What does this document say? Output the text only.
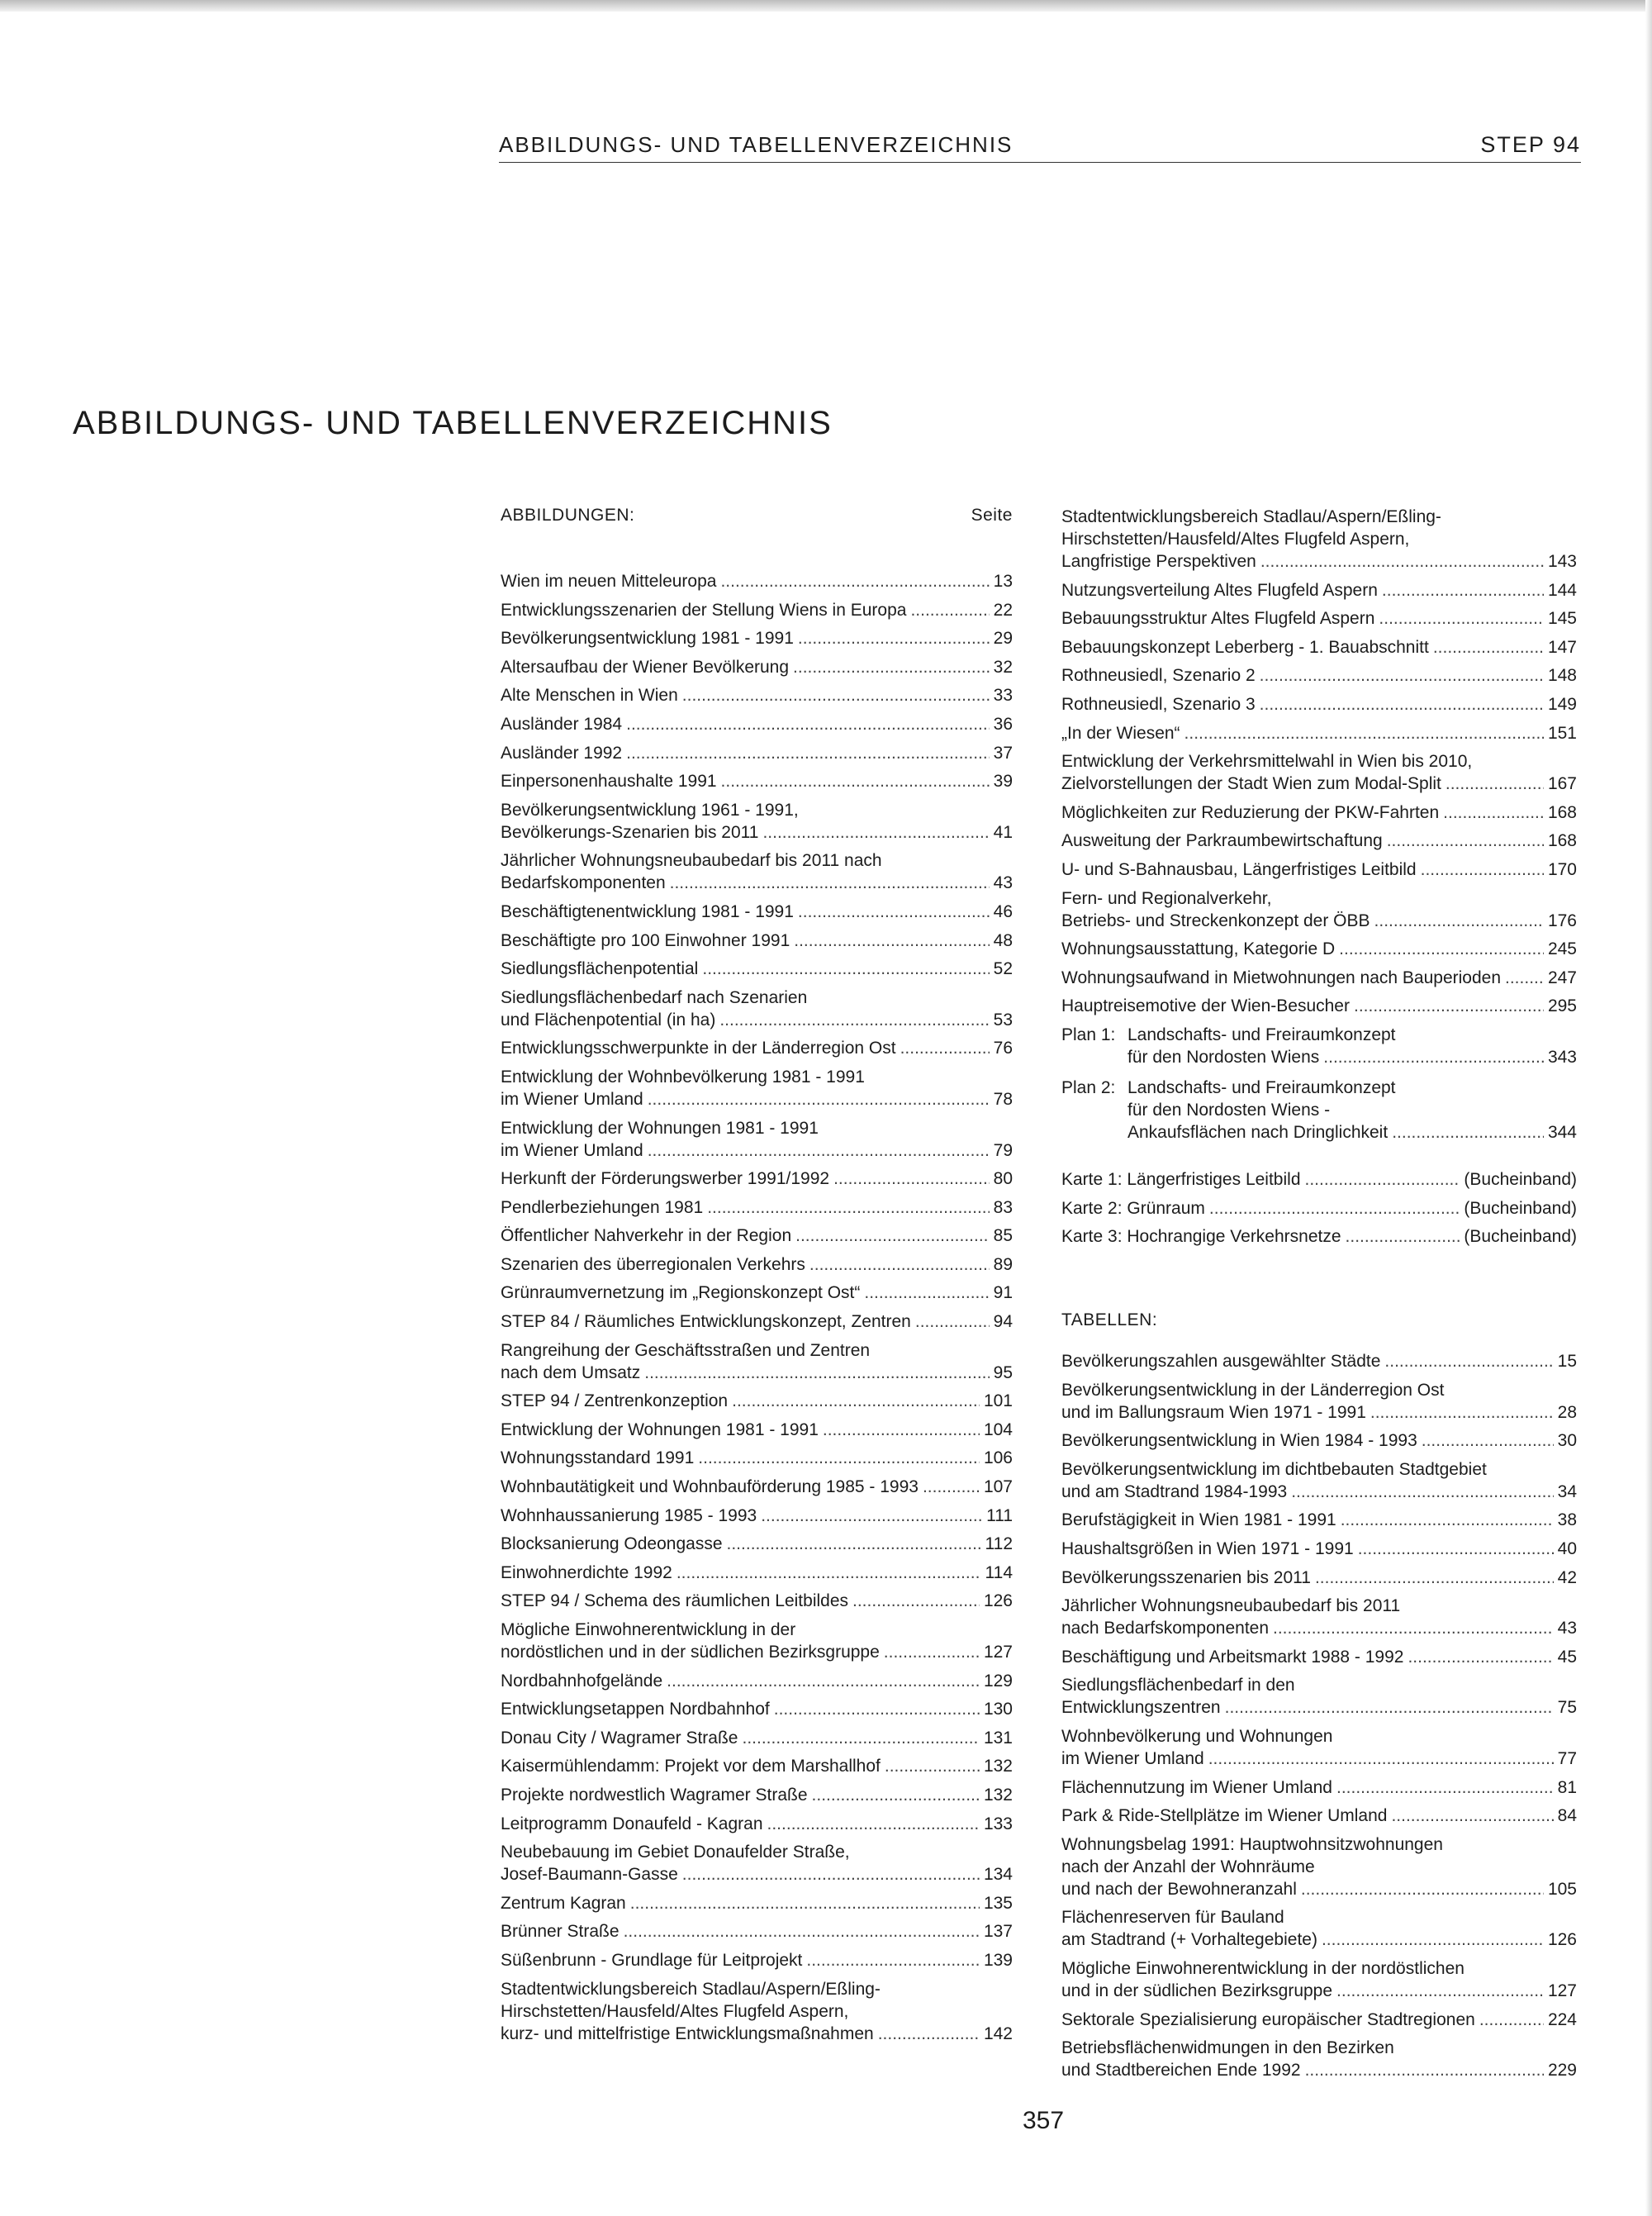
ABBILDUNGS- UND TABELLENVERZEICHNIS	STEP 94
ABBILDUNGS- UND TABELLENVERZEICHNIS
ABBILDUNGEN:	Seite
Wien im neuen Mitteleuropa .....	13
Entwicklungsszenarien der Stellung Wiens in Europa .....	22
Bevölkerungsentwicklung 1981 - 1991 .....	29
Altersaufbau der Wiener Bevölkerung .....	32
Alte Menschen in Wien .....	33
Ausländer 1984 .....	36
Ausländer 1992 .....	37
Einpersonenhaushalte 1991 .....	39
Bevölkerungsentwicklung 1961 - 1991,
Bevölkerungs-Szenarien bis 2011 .....	41
Jährlicher Wohnungsneubaubedarf bis 2011 nach
Bedarfskomponenten .....	43
Beschäftigtenentwicklung 1981 - 1991 .....	46
Beschäftigte pro 100 Einwohner 1991 .....	48
Siedlungsflächenpotential .....	52
Siedlungsflächenbedarf nach Szenarien
und Flächenpotential (in ha) .....	53
Entwicklungsschwerpunkte in der Länderregion Ost .....	76
Entwicklung der Wohnbevölkerung 1981 - 1991
im Wiener Umland .....	78
Entwicklung der Wohnungen 1981 - 1991
im Wiener Umland .....	79
Herkunft der Förderungswerber 1991/1992 .....	80
Pendlerbeziehungen 1981 .....	83
Öffentlicher Nahverkehr in der Region .....	85
Szenarien des überregionalen Verkehrs .....	89
Grünraumvernetzung im „Regionskonzept Ost“ .....	91
STEP 84 / Räumliches Entwicklungskonzept, Zentren .....	94
Rangreihung der Geschäftsstraßen und Zentren
nach dem Umsatz .....	95
STEP 94 / Zentrenkonzeption .....	101
Entwicklung der Wohnungen 1981 - 1991 .....	104
Wohnungsstandard 1991 .....	106
Wohnbautätigkeit und Wohnbauförderung 1985 - 1993 .....	107
Wohnhaussanierung 1985 - 1993 .....	111
Blocksanierung Odeongasse .....	112
Einwohnerdichte 1992 .....	114
STEP 94 / Schema des räumlichen Leitbildes .....	126
Mögliche Einwohnerentwicklung in der
nordöstlichen und in der südlichen Bezirksgruppe .....	127
Nordbahnhofgelände .....	129
Entwicklungsetappen Nordbahnhof .....	130
Donau City / Wagramer Straße .....	131
Kaisermühlendamm: Projekt vor dem Marshallhof .....	132
Projekte nordwestlich Wagramer Straße .....	132
Leitprogramm Donaufeld - Kagran .....	133
Neubebauung im Gebiet Donaufelder Straße,
Josef-Baumann-Gasse .....	134
Zentrum Kagran .....	135
Brünner Straße .....	137
Süßenbrunn - Grundlage für Leitprojekt .....	139
Stadtentwicklungsbereich Stadlau/Aspern/Eßling-
Hirschstetten/Hausfeld/Altes Flugfeld Aspern,
kurz- und mittelfristige Entwicklungsmaßnahmen .....	142
Stadtentwicklungsbereich Stadlau/Aspern/Eßling-
Hirschstetten/Hausfeld/Altes Flugfeld Aspern,
Langfristige Perspektiven .....	143
Nutzungsverteilung Altes Flugfeld Aspern .....	144
Bebauungsstruktur Altes Flugfeld Aspern .....	145
Bebauungskonzept Leberberg - 1. Bauabschnitt .....	147
Rothneusiedl, Szenario 2 .....	148
Rothneusiedl, Szenario 3 .....	149
„In der Wiesen“ .....	151
Entwicklung der Verkehrsmittelwahl in Wien bis 2010,
Zielvorstellungen der Stadt Wien zum Modal-Split .....	167
Möglichkeiten zur Reduzierung der PKW-Fahrten .....	168
Ausweitung der Parkraumbewirtschaftung .....	168
U- und S-Bahnausbau, Längerfristiges Leitbild .....	170
Fern- und Regionalverkehr,
Betriebs- und Streckenkonzept der ÖBB .....	176
Wohnungsausstattung, Kategorie D .....	245
Wohnungsaufwand in Mietwohnungen nach Bauperioden .....	247
Hauptreisemotive der Wien-Besucher .....	295
Plan 1: Landschafts- und Freiraumkonzept
für den Nordosten Wiens .....	343
Plan 2: Landschafts- und Freiraumkonzept
für den Nordosten Wiens -
Ankaufsflächen nach Dringlichkeit .....	344
Karte 1: Längerfristiges Leitbild .....	(Bucheinband)
Karte 2: Grünraum .....	(Bucheinband)
Karte 3: Hochrangige Verkehrsnetze .....	(Bucheinband)
TABELLEN:
Bevölkerungszahlen ausgewählter Städte .....	15
Bevölkerungsentwicklung in der Länderregion Ost
und im Ballungsraum Wien 1971 - 1991 .....	28
Bevölkerungsentwicklung in Wien 1984 - 1993 .....	30
Bevölkerungsentwicklung im dichtbebauten Stadtgebiet
und am Stadtrand 1984-1993 .....	34
Berufstägigkeit in Wien 1981 - 1991 .....	38
Haushaltsgrößen in Wien 1971 - 1991 .....	40
Bevölkerungsszenarien bis 2011 .....	42
Jährlicher Wohnungsneubaubedarf bis 2011
nach Bedarfskomponenten .....	43
Beschäftigung und Arbeitsmarkt 1988 - 1992 .....	45
Siedlungsflächenbedarf in den
Entwicklungszentren .....	75
Wohnbevölkerung und Wohnungen
im Wiener Umland .....	77
Flächennutzung im Wiener Umland .....	81
Park & Ride-Stellplätze im Wiener Umland .....	84
Wohnungsbelag 1991: Hauptwohnsitzwohnungen
nach der Anzahl der Wohnräume
und nach der Bewohneranzahl .....	105
Flächenreserven für Bauland
am Stadtrand (+ Vorhaltegebiete) .....	126
Mögliche Einwohnerentwicklung in der nordöstlichen
und in der südlichen Bezirksgruppe .....	127
Sektorale Spezialisierung europäischer Stadtregionen .....	224
Betriebsflächenwidmungen in den Bezirken
und Stadtbereichen Ende 1992 .....	229
357
